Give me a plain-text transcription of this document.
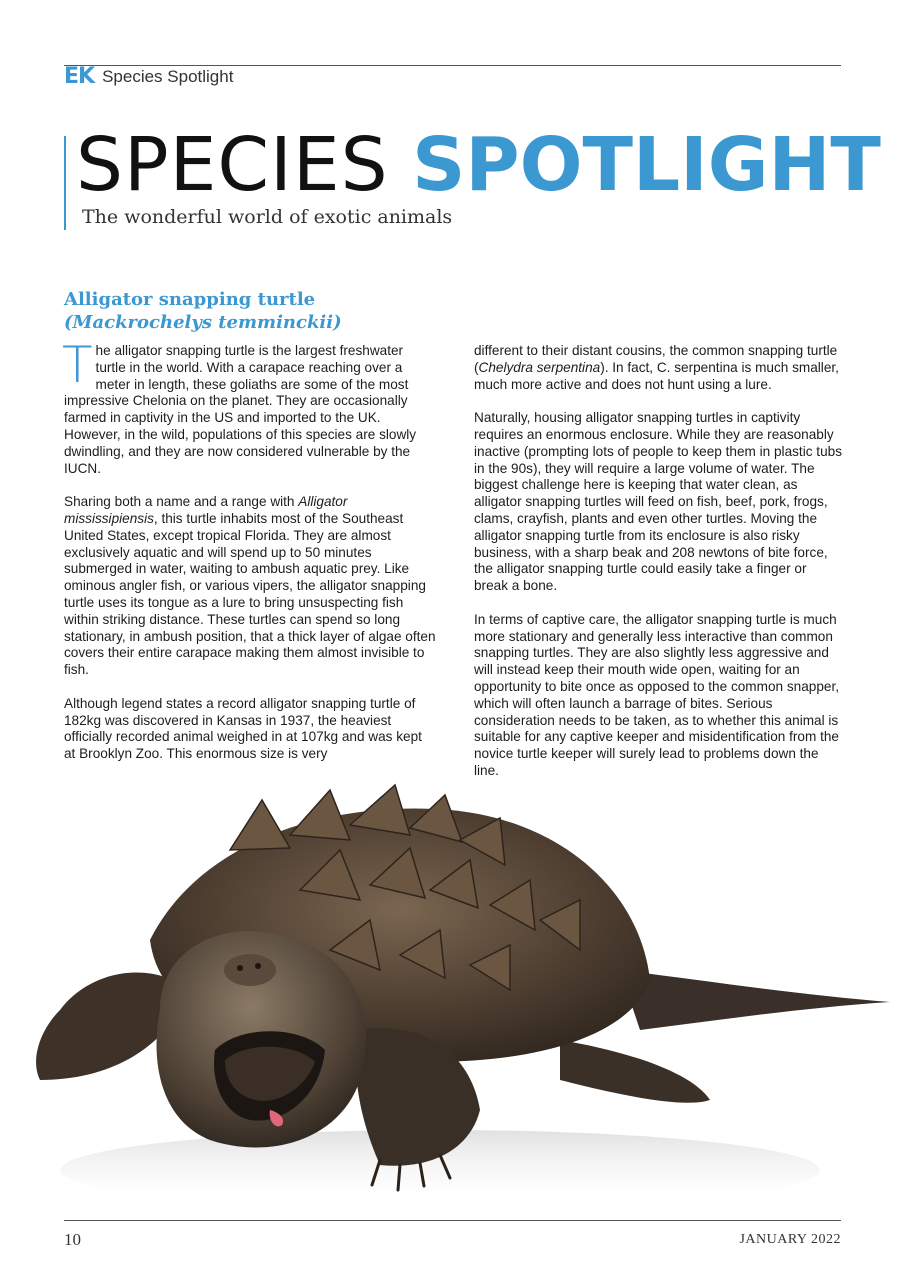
EK Species Spotlight
SPECIES SPOTLIGHT
The wonderful world of exotic animals
Alligator snapping turtle
(Mackrochelys temminckii)

The alligator snapping turtle is the largest freshwater turtle in the world. With a carapace reaching over a meter in length, these goliaths are some of the most impressive Chelonia on the planet. They are occasionally farmed in captivity in the US and imported to the UK. However, in the wild, populations of this species are slowly dwindling, and they are now considered vulnerable by the IUCN.

Sharing both a name and a range with Alligator mississipiensis, this turtle inhabits most of the Southeast United States, except tropical Florida. They are almost exclusively aquatic and will spend up to 50 minutes submerged in water, waiting to ambush aquatic prey. Like ominous angler fish, or various vipers, the alligator snapping turtle uses its tongue as a lure to bring unsuspecting fish within striking distance. These turtles can spend so long stationary, in ambush position, that a thick layer of algae often covers their entire carapace making them almost invisible to fish.

Although legend states a record alligator snapping turtle of 182kg was discovered in Kansas in 1937, the heaviest officially recorded animal weighed in at 107kg and was kept at Brooklyn Zoo. This enormous size is very

different to their distant cousins, the common snapping turtle (Chelydra serpentina). In fact, C. serpentina is much smaller, much more active and does not hunt using a lure.

Naturally, housing alligator snapping turtles in captivity requires an enormous enclosure. While they are reasonably inactive (prompting lots of people to keep them in plastic tubs in the 90s), they will require a large volume of water. The biggest challenge here is keeping that water clean, as alligator snapping turtles will feed on fish, beef, pork, frogs, clams, crayfish, plants and even other turtles. Moving the alligator snapping turtle from its enclosure is also risky business, with a sharp beak and 208 newtons of bite force, the alligator snapping turtle could easily take a finger or break a bone.

In terms of captive care, the alligator snapping turtle is much more stationary and generally less interactive than common snapping turtles. They are also slightly less aggressive and will instead keep their mouth wide open, waiting for an opportunity to bite once as opposed to the common snapper, which will often launch a barrage of bites. Serious consideration needs to be taken, as to whether this animal is suitable for any captive keeper and misidentification from the novice turtle keeper will surely lead to problems down the line.

10	JANUARY 2022
